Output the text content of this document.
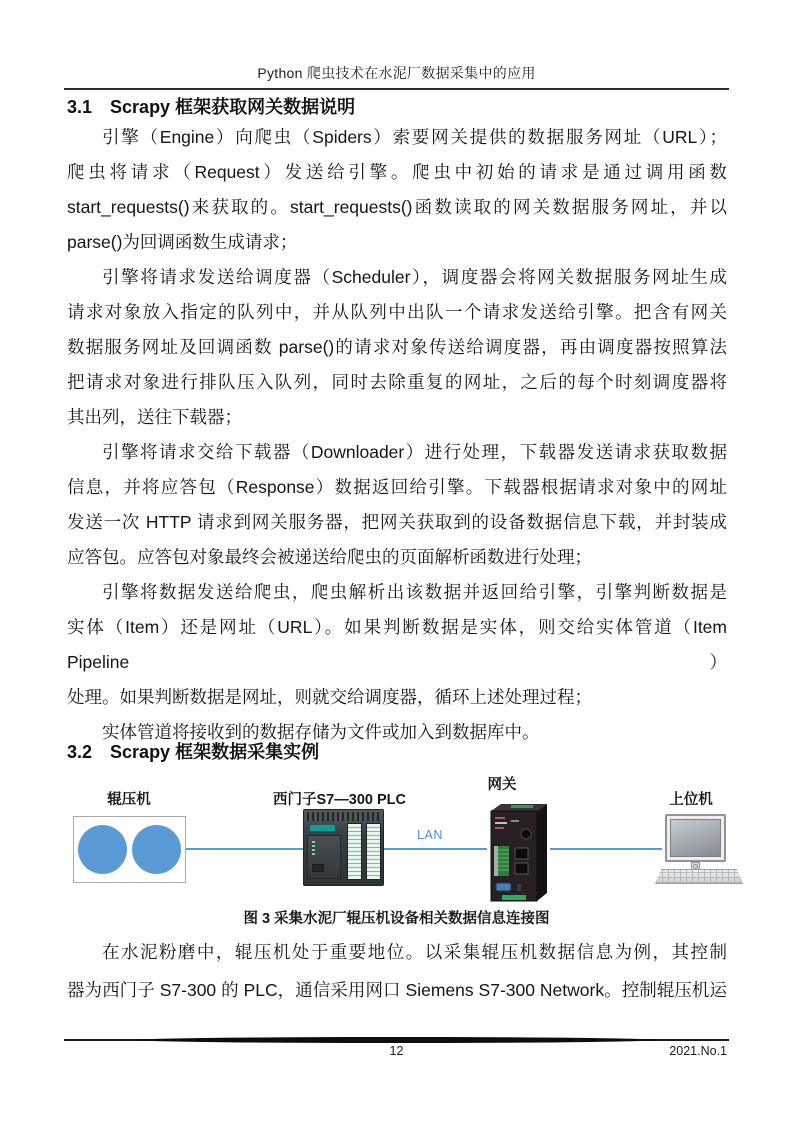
Python 爬虫技术在水泥厂数据采集中的应用
3.1 Scrapy 框架获取网关数据说明
引擎（Engine）向爬虫（Spiders）索要网关提供的数据服务网址（URL）；
爬虫将请求（Request）发送给引擎。爬虫中初始的请求是通过调用函数
start_requests()来获取的。start_requests()函数读取的网关数据服务网址，并以
parse()为回调函数生成请求；
引擎将请求发送给调度器（Scheduler），调度器会将网关数据服务网址生成
请求对象放入指定的队列中，并从队列中出队一个请求发送给引擎。把含有网关
数据服务网址及回调函数 parse()的请求对象传送给调度器，再由调度器按照算法
把请求对象进行排队压入队列，同时去除重复的网址，之后的每个时刻调度器将
其出列，送往下载器；
引擎将请求交给下载器（Downloader）进行处理，下载器发送请求获取数据
信息，并将应答包（Response）数据返回给引擎。下载器根据请求对象中的网址
发送一次 HTTP 请求到网关服务器，把网关获取到的设备数据信息下载，并封装成
应答包。应答包对象最终会被递送给爬虫的页面解析函数进行处理；
引擎将数据发送给爬虫，爬虫解析出该数据并返回给引擎，引擎判断数据是
实体（Item）还是网址（URL）。如果判断数据是实体，则交给实体管道（Item Pipeline）
处理。如果判断数据是网址，则就交给调度器，循环上述处理过程；
实体管道将接收到的数据存储为文件或加入到数据库中。
3.2 Scrapy 框架数据采集实例
辊压机	西门子S7—300 PLC
网关
上位机
LAN
图 3 采集水泥厂辊压机设备相关数据信息连接图
在水泥粉磨中，辊压机处于重要地位。以采集辊压机数据信息为例，其控制
器为西门子 S7-300 的 PLC，通信采用网口 Siemens S7-300 Network。控制辊压机运
12	2021.No.1
